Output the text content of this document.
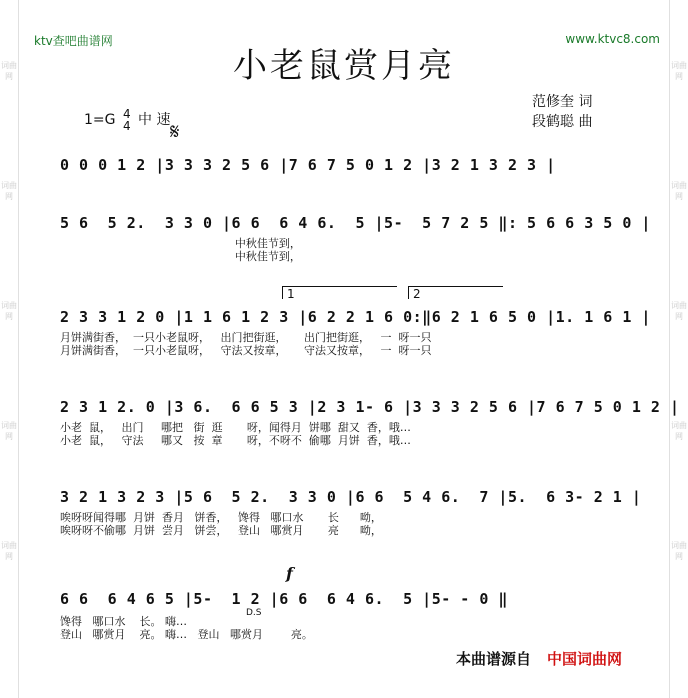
词曲网
词曲网
词曲网
词曲网
词曲网
词曲网
词曲网
词曲网
词曲网
词曲网
ktv查吧曲谱网	www.ktvc8.com
小老鼠赏月亮
范修奎 词
段鹤聪 曲
1=G 4
4 中 速 𝄋
0 0 0 1 2 |3 3 3 2 5 6 |7 6 7 5 0 1 2 |3 2 1 3 2 3 |
5 6  5 2.  3 3 0 |6 6  6 4 6.  5 |5-  5 7 2 5 ‖: 5 6 6 3 5 0 |
中秋佳节到，
中秋佳节到，
1	2
2 3 3 1 2 0 |1 1 6 1 2 3 |6 2 2 1 6 0:‖6 2 1 6 5 0 |1. 1 6 1 |
月饼满街香，  一只小老鼠呀，   出门把街逛，     出门把街逛，   一  呀一只
月饼满街香，  一只小老鼠呀，   守法又按章，     守法又按章，   一  呀一只
2 3 1 2. 0 |3 6.  6 6 5 3 |2 3 1- 6 |3 3 3 2 5 6 |7 6 7 5 0 1 2 |
小老  鼠，   出门     哪把   街  逛       呀，闻得月  饼哪  甜又  香，哦…
小老  鼠，   守法     哪又   按  章       呀，不呀不  偷哪  月饼  香，哦…
3 2 1 3 2 3 |5 6  5 2.  3 3 0 |6 6  5 4 6.  7 |5.  6 3- 2 1 |
唉呀呀闻得哪  月饼  香月   饼香，   馋得   哪口水       长      呦，
唉呀呀不偷哪  月饼  尝月   饼尝，   登山   哪赏月       亮      呦，
f
D.S
6 6  6 4 6 5 |5-  1 2 |6 6  6 4 6.  5 |5- - 0 ‖
馋得   哪口水    长。 嗨…
登山   哪赏月    亮。 嗨…   登山   哪赏月        亮。
本曲谱源自 中国词曲网
